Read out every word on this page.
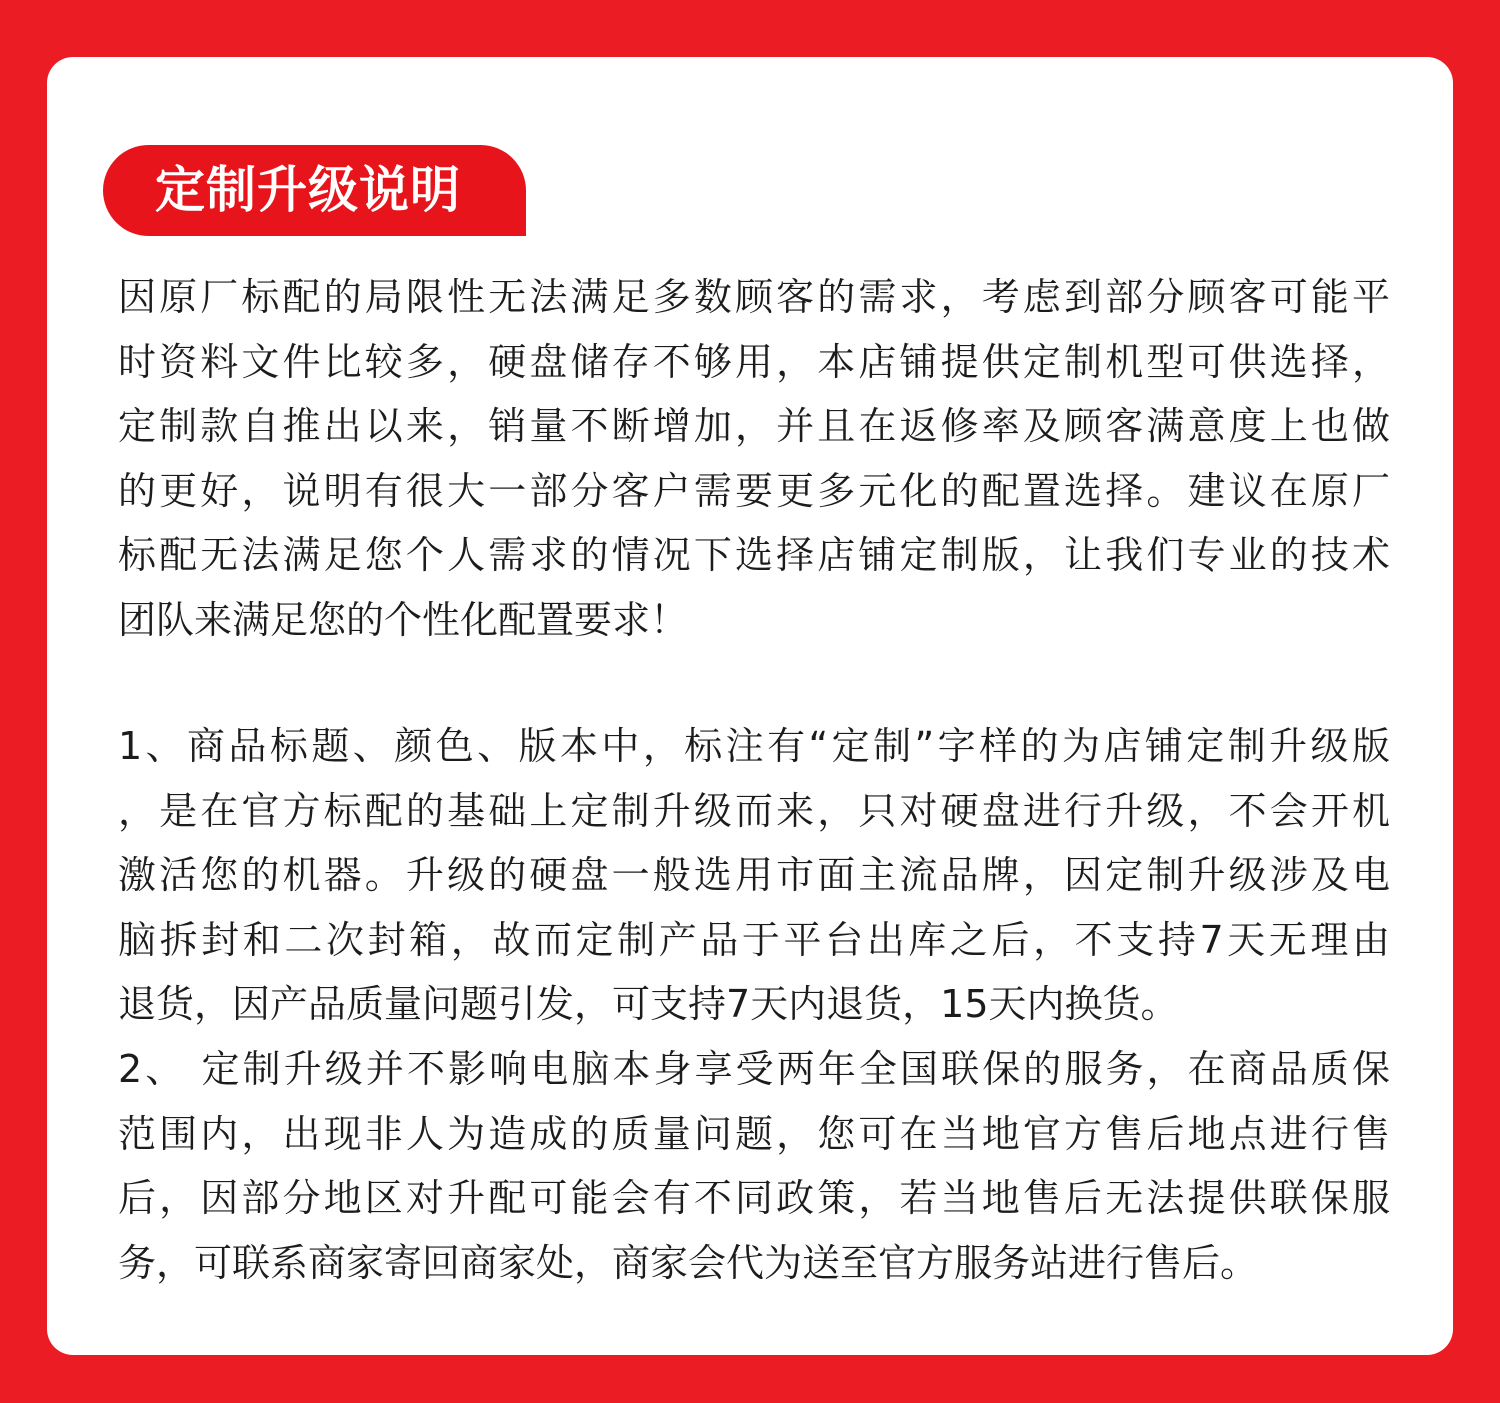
定制升级说明
因原厂标配的局限性无法满足多数顾客的需求，考虑到部分顾客可能平
时资料文件比较多，硬盘储存不够用，本店铺提供定制机型可供选择，
定制款自推出以来，销量不断增加，并且在返修率及顾客满意度上也做
的更好，说明有很大一部分客户需要更多元化的配置选择。建议在原厂
标配无法满足您个人需求的情况下选择店铺定制版，让我们专业的技术
团队来满足您的个性化配置要求！
1、商品标题、颜色、版本中，标注有“定制”字样的为店铺定制升级版
，是在官方标配的基础上定制升级而来，只对硬盘进行升级，不会开机
激活您的机器。升级的硬盘一般选用市面主流品牌，因定制升级涉及电
脑拆封和二次封箱，故而定制产品于平台出库之后，不支持7天无理由
退货，因产品质量问题引发，可支持7天内退货，15天内换货。
2、 定制升级并不影响电脑本身享受两年全国联保的服务，在商品质保
范围内，出现非人为造成的质量问题，您可在当地官方售后地点进行售
后，因部分地区对升配可能会有不同政策，若当地售后无法提供联保服
务，可联系商家寄回商家处，商家会代为送至官方服务站进行售后。
